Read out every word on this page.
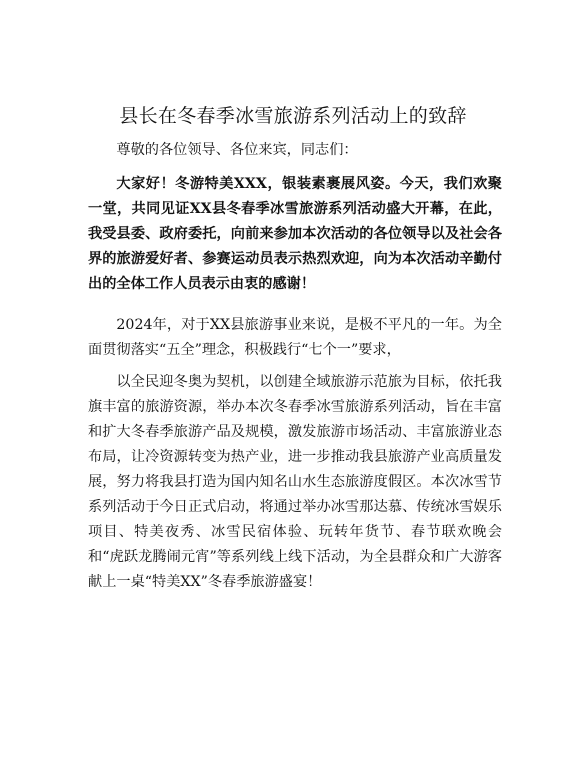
县长在冬春季冰雪旅游系列活动上的致辞

尊敬的各位领导、各位来宾，同志们：

大家好！冬游特美XXX，银装素裹展风姿。今天，我们欢聚一堂，共同见证XX县冬春季冰雪旅游系列活动盛大开幕，在此，我受县委、政府委托，向前来参加本次活动的各位领导以及社会各界的旅游爱好者、参赛运动员表示热烈欢迎，向为本次活动辛勤付出的全体工作人员表示由衷的感谢！

2024年，对于XX县旅游事业来说，是极不平凡的一年。为全面贯彻落实“五全”理念，积极践行“七个一”要求，

以全民迎冬奥为契机，以创建全域旅游示范旅为目标，依托我旗丰富的旅游资源，举办本次冬春季冰雪旅游系列活动，旨在丰富和扩大冬春季旅游产品及规模，激发旅游市场活动、丰富旅游业态布局，让冷资源转变为热产业，进一步推动我县旅游产业高质量发展，努力将我县打造为国内知名山水生态旅游度假区。本次冰雪节系列活动于今日正式启动，将通过举办冰雪那达慕、传统冰雪娱乐项目、特美夜秀、冰雪民宿体验、玩转年货节、春节联欢晚会和“虎跃龙腾闹元宵”等系列线上线下活动，为全县群众和广大游客献上一桌“特美XX”冬春季旅游盛宴！
